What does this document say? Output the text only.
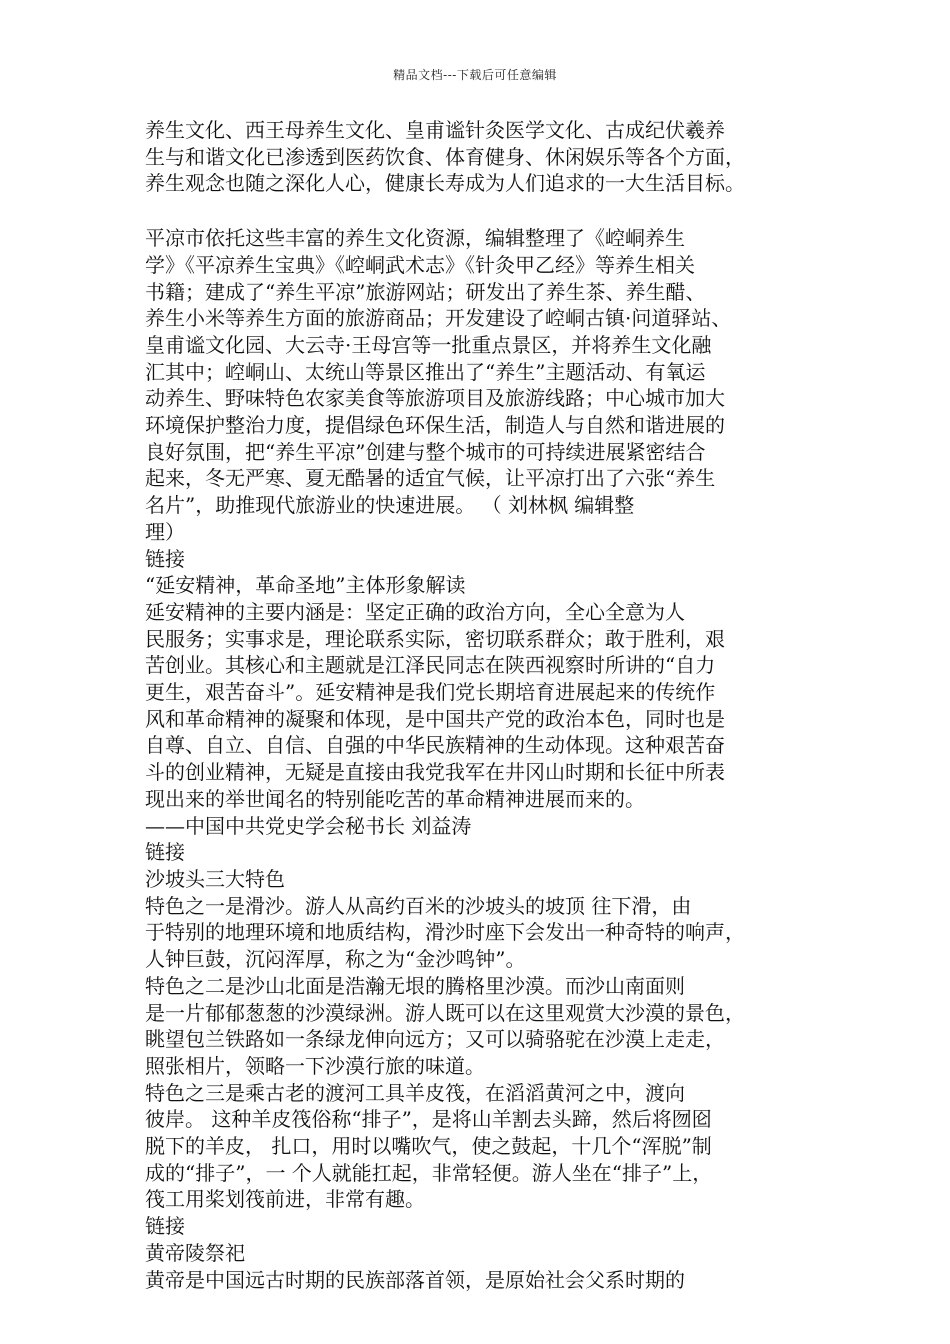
精品文档---下载后可任意编辑

养生文化、西王母养生文化、皇甫谧针灸医学文化、古成纪伏羲养
生与和谐文化已渗透到医药饮食、体育健身、休闲娱乐等各个方面，
养生观念也随之深化人心，健康长寿成为人们追求的一大生活目标。

平凉市依托这些丰富的养生文化资源，编辑整理了《崆峒养生
学》《平凉养生宝典》《崆峒武术志》《针灸甲乙经》等养生相关
书籍；建成了“养生平凉”旅游网站；研发出了养生茶、养生醋、
养生小米等养生方面的旅游商品；开发建设了崆峒古镇·问道驿站、
皇甫谧文化园、大云寺·王母宫等一批重点景区，并将养生文化融
汇其中；崆峒山、太统山等景区推出了“养生”主题活动、有氧运
动养生、野味特色农家美食等旅游项目及旅游线路；中心城市加大
环境保护整治力度，提倡绿色环保生活，制造人与自然和谐进展的
良好氛围，把“养生平凉”创建与整个城市的可持续进展紧密结合
起来，冬无严寒、夏无酷暑的适宜气候，让平凉打出了六张“养生
名片”，助推现代旅游业的快速进展。 （ 刘林枫 编辑整
理）

链接

“延安精神，革命圣地”主体形象解读

延安精神的主要内涵是：坚定正确的政治方向，全心全意为人
民服务；实事求是，理论联系实际，密切联系群众；敢于胜利，艰
苦创业。其核心和主题就是江泽民同志在陕西视察时所讲的“自力
更生，艰苦奋斗”。延安精神是我们党长期培育进展起来的传统作
风和革命精神的凝聚和体现，是中国共产党的政治本色，同时也是
自尊、自立、自信、自强的中华民族精神的生动体现。这种艰苦奋
斗的创业精神，无疑是直接由我党我军在井冈山时期和长征中所表
现出来的举世闻名的特别能吃苦的革命精神进展而来的。

——中国中共党史学会秘书长 刘益涛

链接

沙坡头三大特色

特色之一是滑沙。游人从高约百米的沙坡头的坡顶 往下滑，由
于特别的地理环境和地质结构，滑沙时座下会发出一种奇特的响声，
人钟巨鼓，沉闷浑厚，称之为“金沙鸣钟”。

特色之二是沙山北面是浩瀚无垠的腾格里沙漠。而沙山南面则
是一片郁郁葱葱的沙漠绿洲。游人既可以在这里观赏大沙漠的景色，
眺望包兰铁路如一条绿龙伸向远方；又可以骑骆驼在沙漠上走走，
照张相片，领略一下沙漠行旅的味道。

特色之三是乘古老的渡河工具羊皮筏，在滔滔黄河之中，渡向
彼岸。 这种羊皮筏俗称“排子”，是将山羊割去头蹄，然后将囫囵
脱下的羊皮， 扎口，用时以嘴吹气，使之鼓起，十几个“浑脱”制
成的“排子”，一 个人就能扛起，非常轻便。游人坐在“排子”上，
筏工用桨划筏前进，非常有趣。

链接

黄帝陵祭祀

黄帝是中国远古时期的民族部落首领，是原始社会父系时期的
